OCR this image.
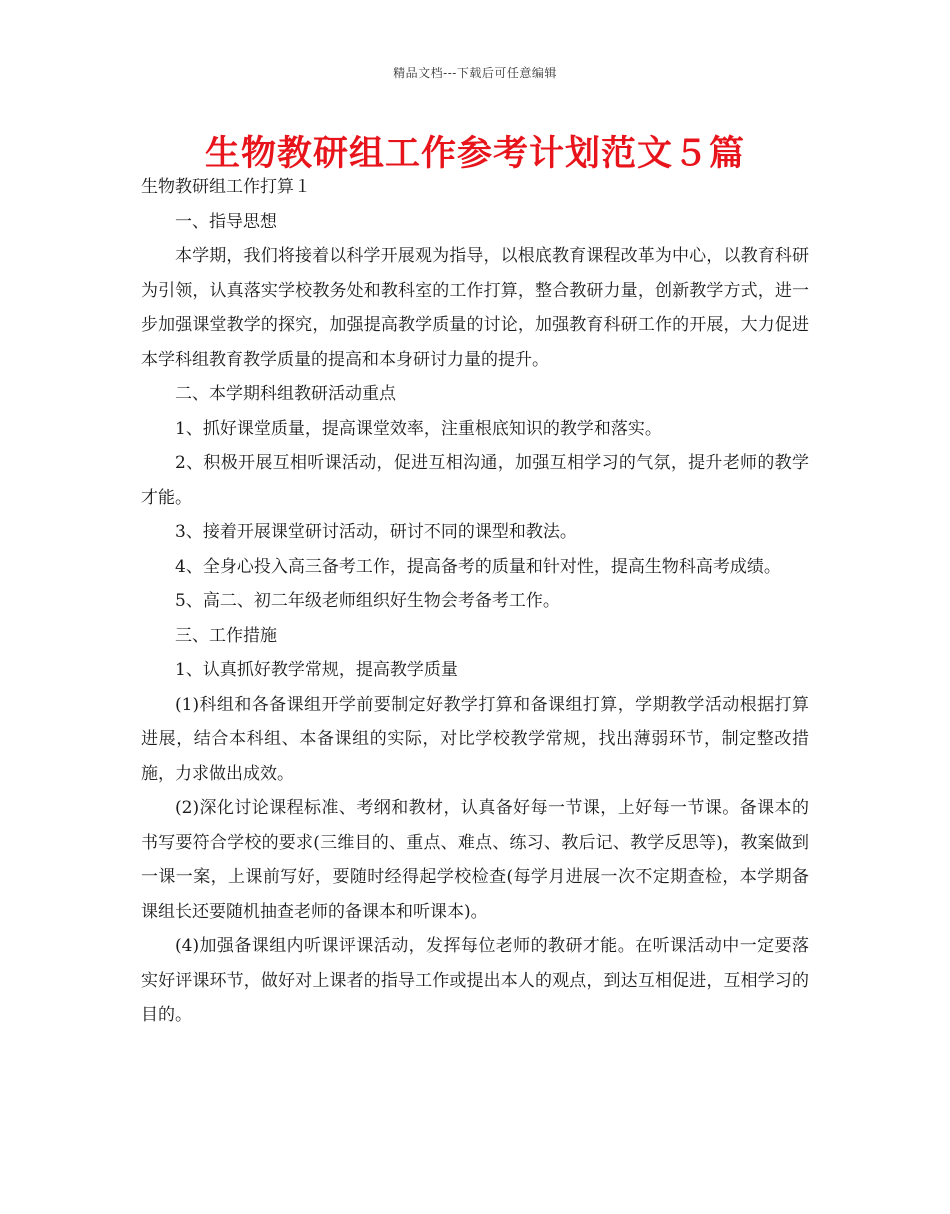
精品文档---下载后可任意编辑
生物教研组工作参考计划范文５篇

生物教研组工作打算１

一、指导思想

本学期，我们将接着以科学开展观为指导，以根底教育课程改革为中心，以教育科研为引领，认真落实学校教务处和教科室的工作打算，整合教研力量，创新教学方式，进一步加强课堂教学的探究，加强提高教学质量的讨论，加强教育科研工作的开展，大力促进本学科组教育教学质量的提高和本身研讨力量的提升。

二、本学期科组教研活动重点

1、抓好课堂质量，提高课堂效率，注重根底知识的教学和落实。

2、积极开展互相听课活动，促进互相沟通，加强互相学习的气氛，提升老师的教学才能。

3、接着开展课堂研讨活动，研讨不同的课型和教法。

4、全身心投入高三备考工作，提高备考的质量和针对性，提高生物科高考成绩。

5、高二、初二年级老师组织好生物会考备考工作。

三、工作措施

1、认真抓好教学常规，提高教学质量

(1)科组和各备课组开学前要制定好教学打算和备课组打算，学期教学活动根据打算进展，结合本科组、本备课组的实际，对比学校教学常规，找出薄弱环节，制定整改措施，力求做出成效。

(2)深化讨论课程标准、考纲和教材，认真备好每一节课，上好每一节课。备课本的书写要符合学校的要求(三维目的、重点、难点、练习、教后记、教学反思等)，教案做到一课一案，上课前写好，要随时经得起学校检查(每学月进展一次不定期查检，本学期备课组长还要随机抽查老师的备课本和听课本)。

(4)加强备课组内听课评课活动，发挥每位老师的教研才能。在听课活动中一定要落实好评课环节，做好对上课者的指导工作或提出本人的观点，到达互相促进，互相学习的目的。
